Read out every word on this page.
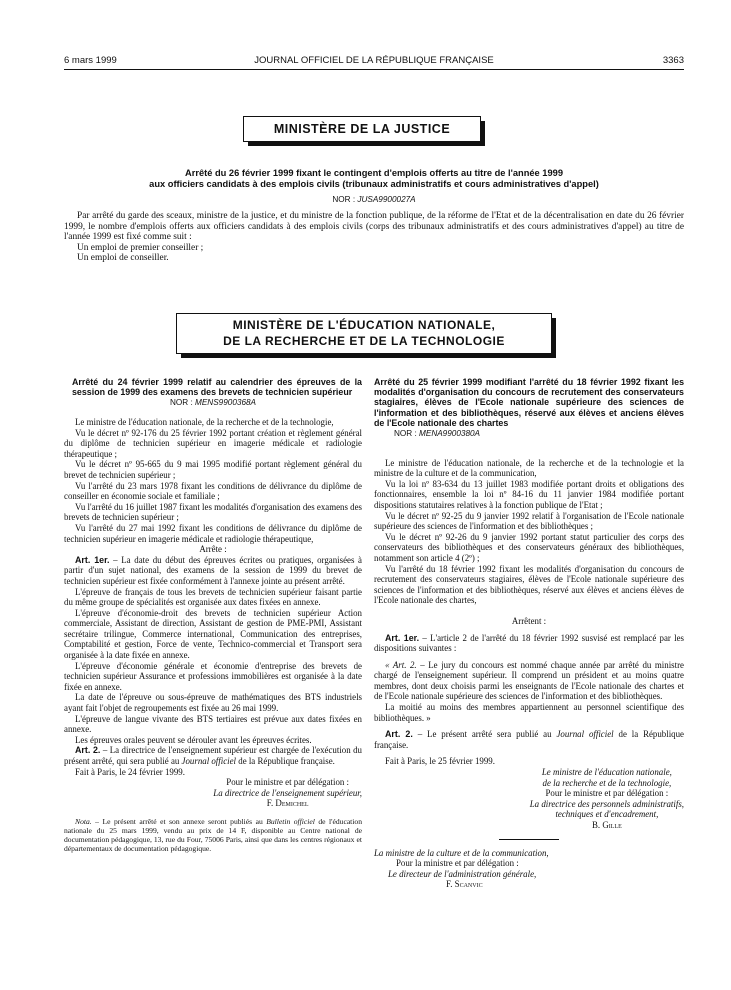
6 mars 1999	JOURNAL OFFICIEL DE LA RÉPUBLIQUE FRANÇAISE	3363
MINISTÈRE DE LA JUSTICE
Arrêté du 26 février 1999 fixant le contingent d'emplois offerts au titre de l'année 1999
aux officiers candidats à des emplois civils (tribunaux administratifs et cours administratives d'appel)
NOR : JUSA9900027A

Par arrêté du garde des sceaux, ministre de la justice, et du ministre de la fonction publique, de la réforme de l'Etat et de la décentralisation en date du 26 février 1999, le nombre d'emplois offerts aux officiers candidats à des emplois civils (corps des tribunaux administratifs et des cours administratives d'appel) au titre de l'année 1999 est fixé comme suit :

Un emploi de premier conseiller ;

Un emploi de conseiller.

MINISTÈRE DE L'ÉDUCATION NATIONALE,
DE LA RECHERCHE ET DE LA TECHNOLOGIE

Arrêté du 24 février 1999 relatif au calendrier des épreuves de la session de 1999 des examens des brevets de technicien supérieur

NOR : MENS9900368A

Le ministre de l'éducation nationale, de la recherche et de la technologie,

Vu le décret nº 92-176 du 25 février 1992 portant création et règlement général du diplôme de technicien supérieur en imagerie médicale et radiologie thérapeutique ;

Vu le décret nº 95-665 du 9 mai 1995 modifié portant règlement général du brevet de technicien supérieur ;

Vu l'arrêté du 23 mars 1978 fixant les conditions de délivrance du diplôme de conseiller en économie sociale et familiale ;

Vu l'arrêté du 16 juillet 1987 fixant les modalités d'organisation des examens des brevets de technicien supérieur ;

Vu l'arrêté du 27 mai 1992 fixant les conditions de délivrance du diplôme de technicien supérieur en imagerie médicale et radiologie thérapeutique,

Arrête :

Art. 1er. – La date du début des épreuves écrites ou pratiques, organisées à partir d'un sujet national, des examens de la session de 1999 du brevet de technicien supérieur est fixée conformément à l'annexe jointe au présent arrêté.

L'épreuve de français de tous les brevets de technicien supérieur faisant partie du même groupe de spécialités est organisée aux dates fixées en annexe.

L'épreuve d'économie-droit des brevets de technicien supérieur Action commerciale, Assistant de direction, Assistant de gestion de PME-PMI, Assistant secrétaire trilingue, Commerce international, Communication des entreprises, Comptabilité et gestion, Force de vente, Technico-commercial et Transport sera organisée à la date fixée en annexe.

L'épreuve d'économie générale et économie d'entreprise des brevets de technicien supérieur Assurance et professions immobilières est organisée à la date fixée en annexe.

La date de l'épreuve ou sous-épreuve de mathématiques des BTS industriels ayant fait l'objet de regroupements est fixée au 26 mai 1999.

L'épreuve de langue vivante des BTS tertiaires est prévue aux dates fixées en annexe.

Les épreuves orales peuvent se dérouler avant les épreuves écrites.

Art. 2. – La directrice de l'enseignement supérieur est chargée de l'exécution du présent arrêté, qui sera publié au Journal officiel de la République française.

Fait à Paris, le 24 février 1999.

Pour le ministre et par délégation :
La directrice de l'enseignement supérieur,
F. Demichel

Nota. – Le présent arrêté et son annexe seront publiés au Bulletin officiel de l'éducation nationale du 25 mars 1999, vendu au prix de 14 F, disponible au Centre national de documentation pédagogique, 13, rue du Four, 75006 Paris, ainsi que dans les centres régionaux et départementaux de documentation pédagogique.

Arrêté du 25 février 1999 modifiant l'arrêté du 18 février 1992 fixant les modalités d'organisation du concours de recrutement des conservateurs stagiaires, élèves de l'Ecole nationale supérieure des sciences de l'information et des bibliothèques, réservé aux élèves et anciens élèves de l'Ecole nationale des chartes

NOR : MENA9900380A

Le ministre de l'éducation nationale, de la recherche et de la technologie et la ministre de la culture et de la communication,

Vu la loi nº 83-634 du 13 juillet 1983 modifiée portant droits et obligations des fonctionnaires, ensemble la loi nº 84-16 du 11 janvier 1984 modifiée portant dispositions statutaires relatives à la fonction publique de l'Etat ;

Vu le décret nº 92-25 du 9 janvier 1992 relatif à l'organisation de l'Ecole nationale supérieure des sciences de l'information et des bibliothèques ;

Vu le décret nº 92-26 du 9 janvier 1992 portant statut particulier des corps des conservateurs des bibliothèques et des conservateurs généraux des bibliothèques, notamment son article 4 (2º) ;

Vu l'arrêté du 18 février 1992 fixant les modalités d'organisation du concours de recrutement des conservateurs stagiaires, élèves de l'Ecole nationale supérieure des sciences de l'information et des bibliothèques, réservé aux élèves et anciens élèves de l'Ecole nationale des chartes,

Arrêtent :

Art. 1er. – L'article 2 de l'arrêté du 18 février 1992 susvisé est remplacé par les dispositions suivantes :

« Art. 2. – Le jury du concours est nommé chaque année par arrêté du ministre chargé de l'enseignement supérieur. Il comprend un président et au moins quatre membres, dont deux choisis parmi les enseignants de l'Ecole nationale des chartes et de l'Ecole nationale supérieure des sciences de l'information et des bibliothèques.

La moitié au moins des membres appartiennent au personnel scientifique des bibliothèques. »

Art. 2. – Le présent arrêté sera publié au Journal officiel de la République française.

Fait à Paris, le 25 février 1999.

Le ministre de l'éducation nationale,
de la recherche et de la technologie,
Pour le ministre et par délégation :
La directrice des personnels administratifs,
techniques et d'encadrement,
B. Gille

La ministre de la culture et de la communication,
Pour la ministre et par délégation :
Le directeur de l'administration générale,
F. Scanvic
